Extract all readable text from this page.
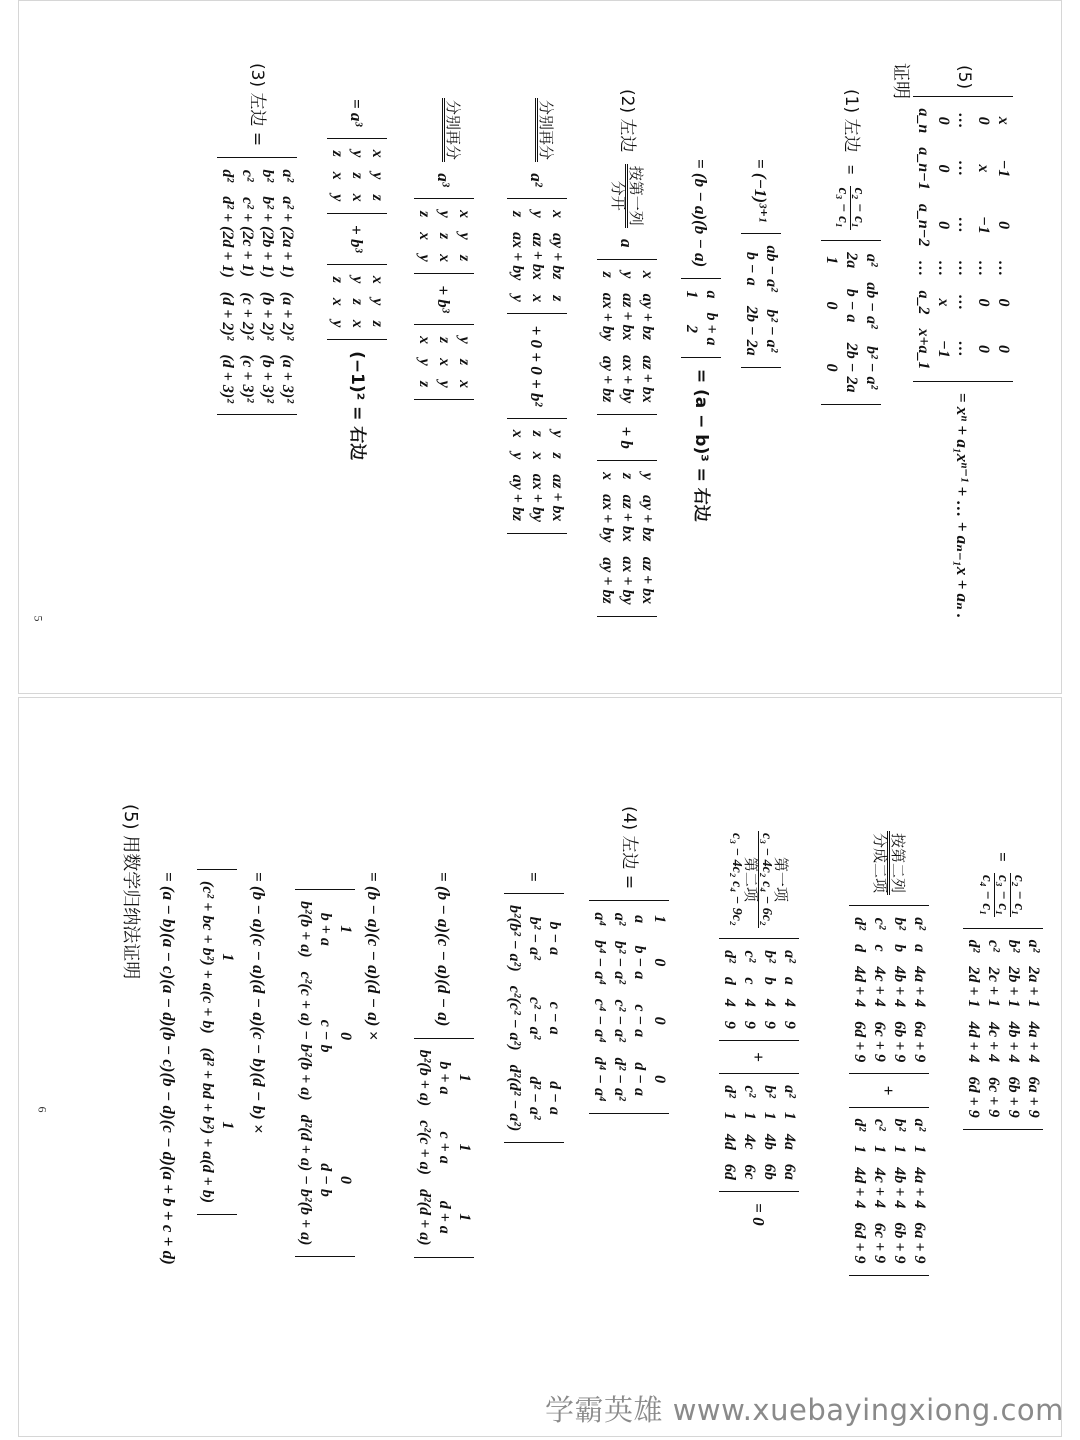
5
(5)
x	−1	0	…	0	0
0	x	−1	…	0	0
…	…	…	…	…	…
0	0	0	…	x	−1
a_n	a_n−1	a_n−2	…	a_2	x+a_1
= xⁿ + a₁xⁿ⁻¹ + … + aₙ₋₁x + aₙ .
证明
(1) 左边 =
c₂ − c₁
c₃ − c₁

a²	ab − a²	b² − a²
2a	b − a	2b − 2a
1	0	0
= (−1)³⁺¹
ab − a²	b² − a²
b − a	2b − 2a
= (b − a)(b − a)
a	b + a
1	2
= (a − b)³ = 右边
(2) 左边
按第一列
分开
a
x	ay + bz	az + bx
y	az + bx	ax + by
z	ax + by	ay + bz
+ b
y	ay + bz	az + bx
z	az + bx	ax + by
x	ax + by	ay + bz
分别再分

a²
x	ay + bz	z
y	az + bx	x
z	ax + by	y
+ 0 + 0 + b²
y	z	az + bx
z	x	ax + by
x	y	ay + bz
分别再分

a³
x	y	z
y	z	x
z	x	y
+ b³
y	z	x
z	x	y
x	y	z
= a³
x	y	z
y	z	x
z	x	y
+ b³
x	y	z
y	z	x
z	x	y
(−1)² = 右边
(3) 左边 =
a²	a² + (2a + 1)	(a + 2)²	(a + 3)²
b²	b² + (2b + 1)	(b + 2)²	(b + 3)²
c²	c² + (2c + 1)	(c + 2)²	(c + 3)²
d²	d² + (2d + 1)	(d + 2)²	(d + 3)²
6
=
c₂ − c₁
c₃ − c₁
c₄ − c₁

a²	2a + 1	4a + 4	6a + 9
b²	2b + 1	4b + 4	6b + 9
c²	2c + 1	4c + 4	6c + 9
d²	2d + 1	4d + 4	6d + 9
按第二列
分成二项

a²	a	4a + 4	6a + 9
b²	b	4b + 4	6b + 9
c²	c	4c + 4	6c + 9
d²	d	4d + 4	6d + 9
+
a²	1	4a + 4	6a + 9
b²	1	4b + 4	6b + 9
c²	1	4c + 4	6c + 9
d²	1	4d + 4	6d + 9
第一项
c₃ − 4c₂ c₄ − 6c₂
第二项
c₃ − 4c₂ c₄ − 9c₂

a²	a	4	9
b²	b	4	9
c²	c	4	9
d²	d	4	9
+
a²	1	4a	6a
b²	1	4b	6b
c²	1	4c	6c
d²	1	4d	6d
= 0
(4) 左边 =
1	0	0	0
a	b − a	c − a	d − a
a²	b² − a²	c² − a²	d² − a²
a⁴	b⁴ − a⁴	c⁴ − a⁴	d⁴ − a⁴
=
b − a	c − a	d − a
b² − a²	c² − a²	d² − a²
b²(b² − a²)	c²(c² − a²)	d²(d² − a²)
= (b − a)(c − a)(d − a)
1	1	1
b + a	c + a	d + a
b²(b + a)	c²(c + a)	d²(d + a)
= (b − a)(c − a)(d − a) ×
1	0	0
b + a	c − b	d − b
b²(b + a)	c²(c + a) − b²(b + a)	d²(d + a) − b²(b + a)
= (b − a)(c − a)(d − a)(c − b)(d − b) ×
1	1
(c² + bc + b²) + a(c + b)	(d² + bd + b²) + a(d + b)
= (a − b)(a − c)(a − d)(b − c)(b − d)(c − d)(a + b + c + d)
(5) 用数学归纳法证明
学霸英雄 www.xuebayingxiong.com
